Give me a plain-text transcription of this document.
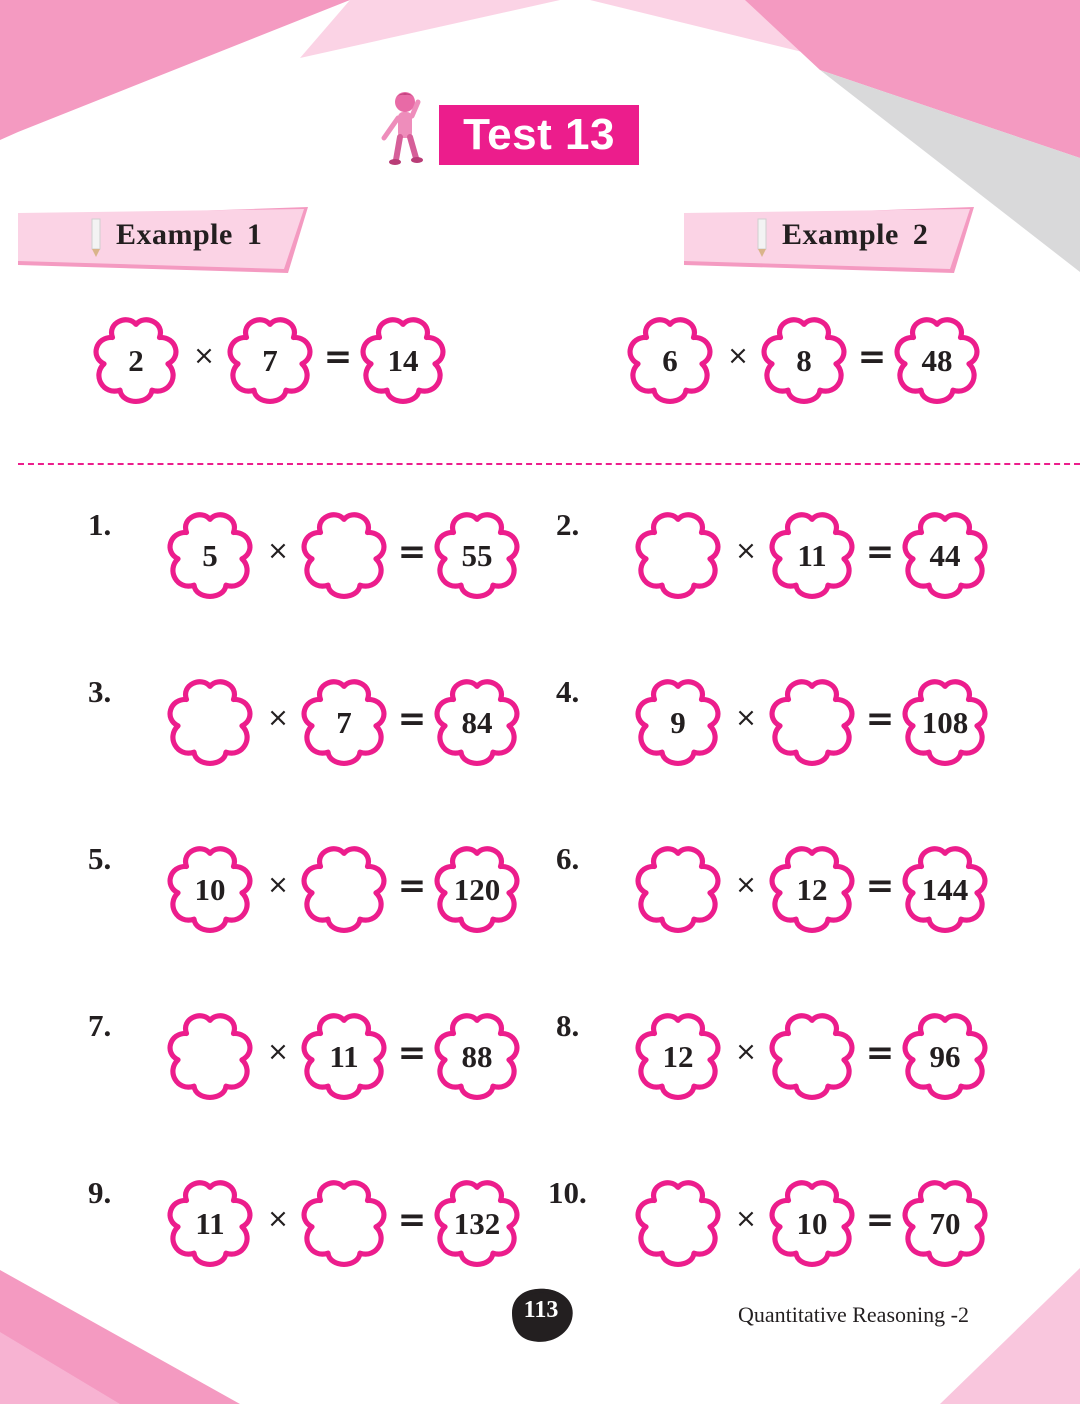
Test 13
Example 1	Example 2
2	×	7	=	14	6	×	8	=	48
1.
5	×	=	55
2.
×	11	=	44
3.
×	7	=	84
4.
9	×	= 108
5.
10	×	= 120
6.
×	12	= 144
7.
×	11	=	88
8.
12	×	=	96
9.
11	×	= 132
10.
×	10	=	70
113	Quantitative Reasoning -2
